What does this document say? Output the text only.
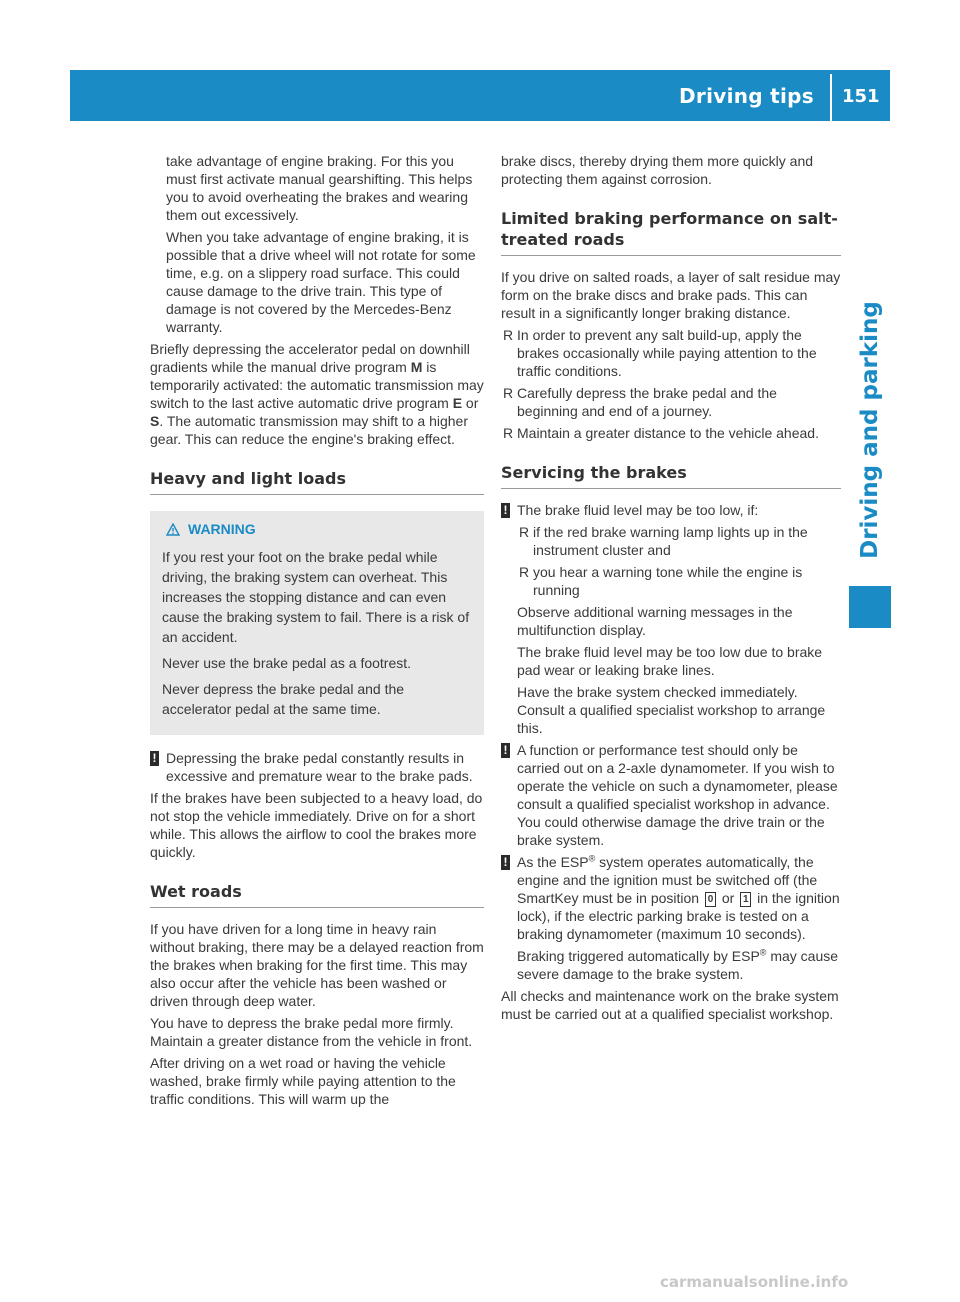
Driving tips 151
Driving and parking

take advantage of engine braking. For this you must first activate manual gearshifting. This helps you to avoid overheating the brakes and wearing them out excessively.

When you take advantage of engine braking, it is possible that a drive wheel will not rotate for some time, e.g. on a slippery road surface. This could cause damage to the drive train. This type of damage is not covered by the Mercedes-Benz warranty.

Briefly depressing the accelerator pedal on downhill gradients while the manual drive program M is temporarily activated: the automatic transmission may switch to the last active automatic drive program E or S. The automatic transmission may shift to a higher gear. This can reduce the engine's braking effect.

Heavy and light loads
WARNING

If you rest your foot on the brake pedal while driving, the braking system can overheat. This increases the stopping distance and can even cause the braking system to fail. There is a risk of an accident.

Never use the brake pedal as a footrest.

Never depress the brake pedal and the accelerator pedal at the same time.

! Depressing the brake pedal constantly results in excessive and premature wear to the brake pads.

If the brakes have been subjected to a heavy load, do not stop the vehicle immediately. Drive on for a short while. This allows the airflow to cool the brakes more quickly.

Wet roads

If you have driven for a long time in heavy rain without braking, there may be a delayed reaction from the brakes when braking for the first time. This may also occur after the vehicle has been washed or driven through deep water.

You have to depress the brake pedal more firmly. Maintain a greater distance from the vehicle in front.

After driving on a wet road or having the vehicle washed, brake firmly while paying attention to the traffic conditions. This will warm up the

brake discs, thereby drying them more quickly and protecting them against corrosion.

Limited braking performance on salt-treated roads

If you drive on salted roads, a layer of salt residue may form on the brake discs and brake pads. This can result in a significantly longer braking distance.

R In order to prevent any salt build-up, apply the brakes occasionally while paying attention to the traffic conditions.
R Carefully depress the brake pedal and the beginning and end of a journey.
R Maintain a greater distance to the vehicle ahead.
Servicing the brakes
! The brake fluid level may be too low, if:

R if the red brake warning lamp lights up in the instrument cluster and
R you hear a warning tone while the engine is running

Observe additional warning messages in the multifunction display.

The brake fluid level may be too low due to brake pad wear or leaking brake lines.

Have the brake system checked immediately. Consult a qualified specialist workshop to arrange this.

! A function or performance test should only be carried out on a 2-axle dynamometer. If you wish to operate the vehicle on such a dynamometer, please consult a qualified specialist workshop in advance. You could otherwise damage the drive train or the brake system.

! As the ESP® system operates automatically, the engine and the ignition must be switched off (the SmartKey must be in position 0 or 1 in the ignition lock), if the electric parking brake is tested on a braking dynamometer (maximum 10 seconds).

Braking triggered automatically by ESP® may cause severe damage to the brake system.

All checks and maintenance work on the brake system must be carried out at a qualified specialist workshop.

carmanualsonline.info
